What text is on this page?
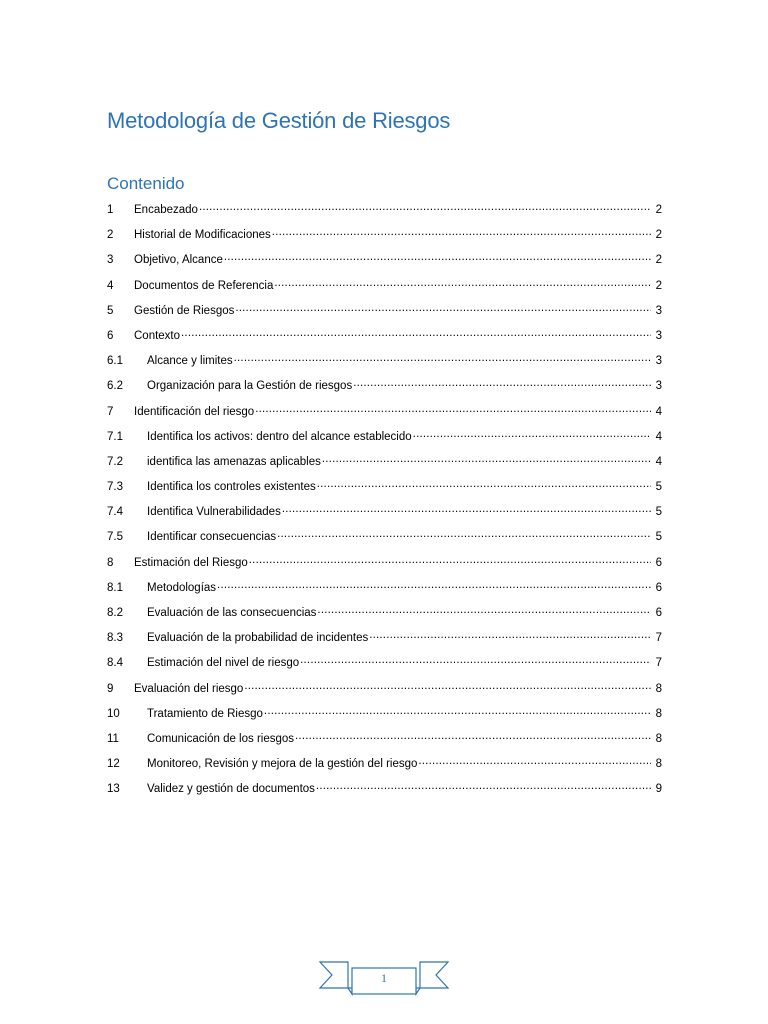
Metodología de Gestión de Riesgos
Contenido
1	Encabezado .....	2
2	Historial de Modificaciones .....	2
3	Objetivo, Alcance .....	2
4	Documentos de Referencia .....	2
5	Gestión de Riesgos .....	3
6	Contexto .....	3
6.1	Alcance y limites .....	3
6.2	Organización para la Gestión de riesgos .....	3
7	Identificación del riesgo .....	4
7.1	Identifica los activos: dentro del alcance establecido .....	4
7.2	identifica las amenazas aplicables .....	4
7.3	Identifica los controles existentes .....	5
7.4	Identifica Vulnerabilidades .....	5
7.5	Identificar consecuencias .....	5
8	Estimación del Riesgo .....	6
8.1	Metodologías .....	6
8.2	Evaluación de las consecuencias .....	6
8.3	Evaluación de la probabilidad de incidentes .....	7
8.4	Estimación del nivel de riesgo .....	7
9	Evaluación del riesgo .....	8
10	Tratamiento de Riesgo .....	8
11	Comunicación de los riesgos .....	8
12	Monitoreo, Revisión y mejora de la gestión del riesgo .....	8
13	Validez y gestión de documentos .....	9
1
